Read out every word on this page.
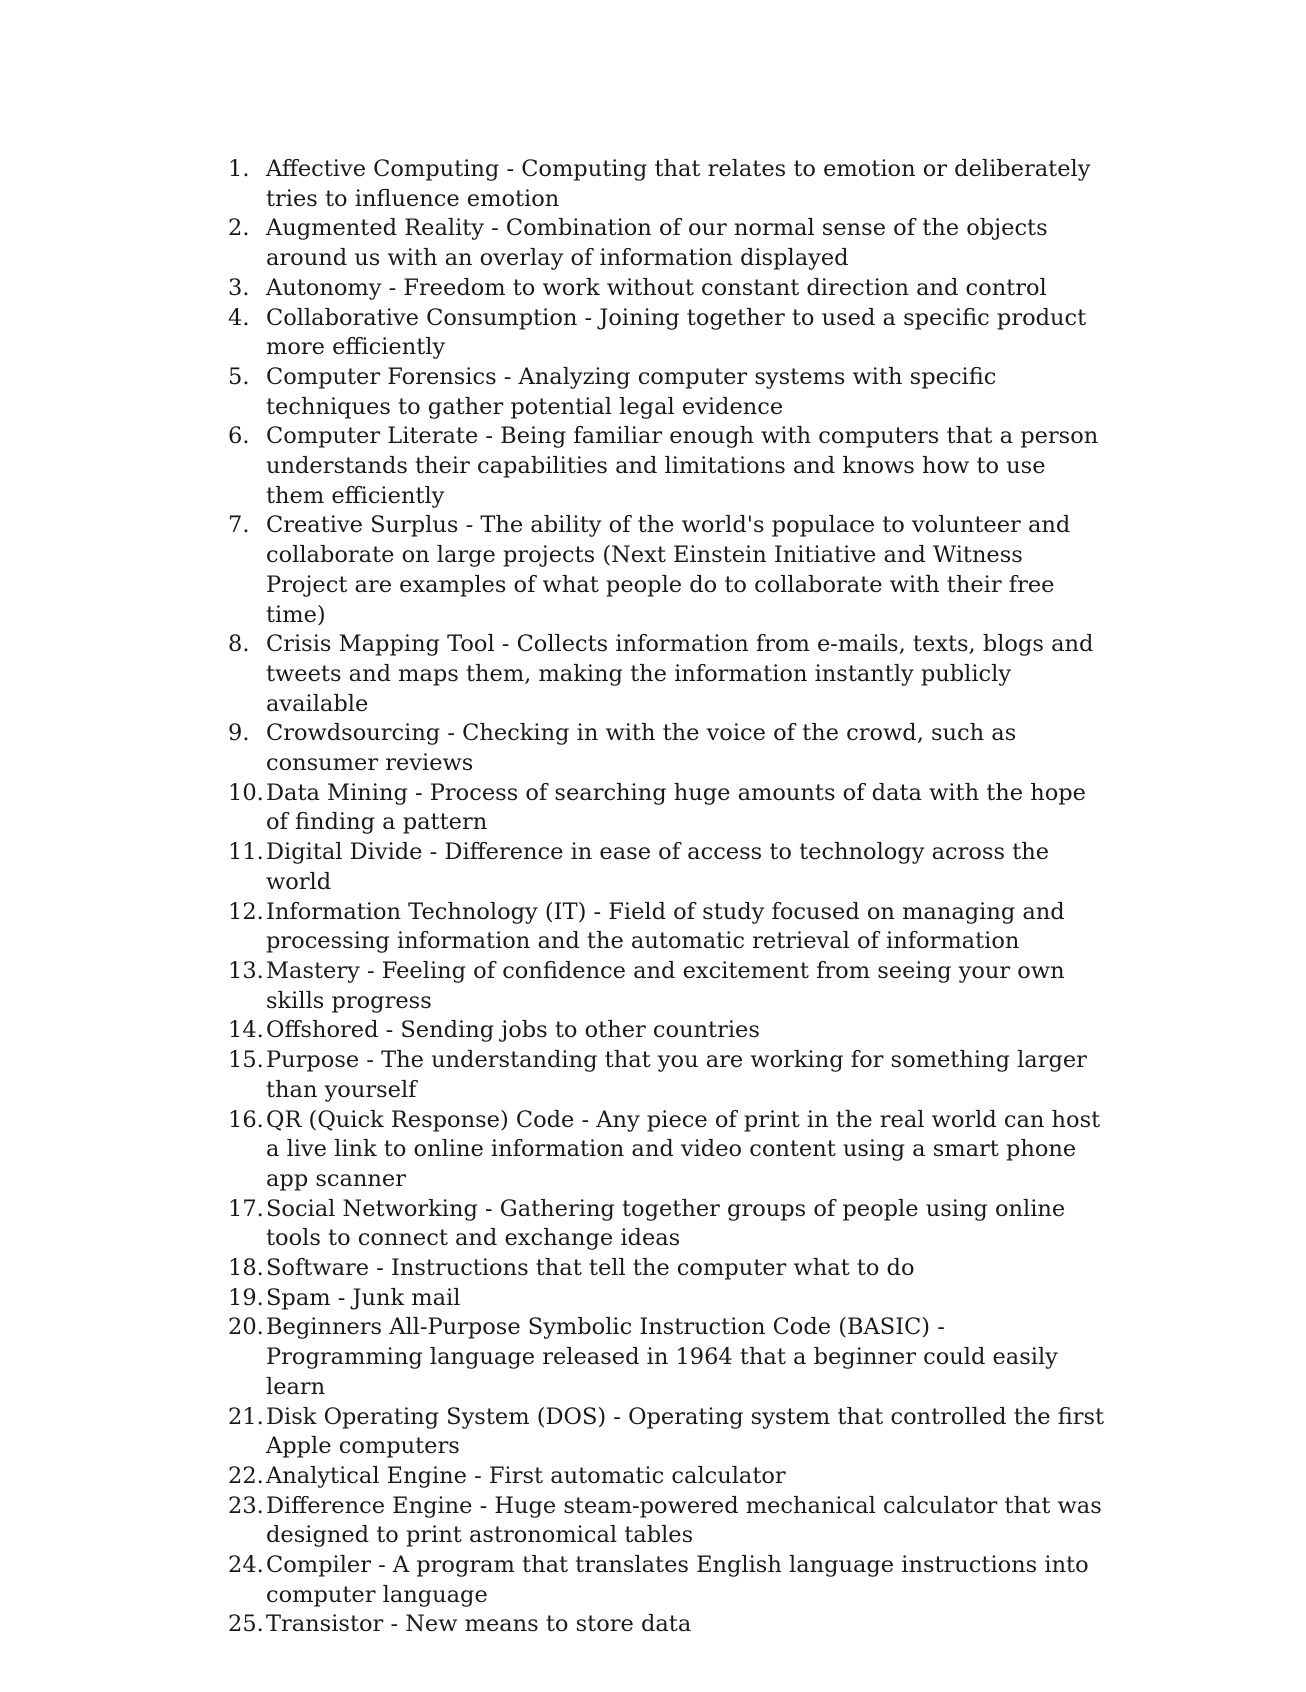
1. Affective Computing - Computing that relates to emotion or deliberately tries to influence emotion
2. Augmented Reality - Combination of our normal sense of the objects around us with an overlay of information displayed
3. Autonomy - Freedom to work without constant direction and control
4. Collaborative Consumption - Joining together to used a specific product more efficiently
5. Computer Forensics - Analyzing computer systems with specific techniques to gather potential legal evidence
6. Computer Literate - Being familiar enough with computers that a person understands their capabilities and limitations and knows how to use them efficiently
7. Creative Surplus - The ability of the world's populace to volunteer and collaborate on large projects (Next Einstein Initiative and Witness Project are examples of what people do to collaborate with their free time)
8. Crisis Mapping Tool - Collects information from e-mails, texts, blogs and tweets and maps them, making the information instantly publicly available
9. Crowdsourcing - Checking in with the voice of the crowd, such as consumer reviews
10. Data Mining - Process of searching huge amounts of data with the hope of finding a pattern
11. Digital Divide - Difference in ease of access to technology across the world
12. Information Technology (IT) - Field of study focused on managing and processing information and the automatic retrieval of information
13. Mastery - Feeling of confidence and excitement from seeing your own skills progress
14. Offshored - Sending jobs to other countries
15. Purpose - The understanding that you are working for something larger than yourself
16. QR (Quick Response) Code - Any piece of print in the real world can host a live link to online information and video content using a smart phone app scanner
17. Social Networking - Gathering together groups of people using online tools to connect and exchange ideas
18. Software - Instructions that tell the computer what to do
19. Spam - Junk mail
20. Beginners All-Purpose Symbolic Instruction Code (BASIC) - Programming language released in 1964 that a beginner could easily learn
21. Disk Operating System (DOS) - Operating system that controlled the first Apple computers
22. Analytical Engine - First automatic calculator
23. Difference Engine - Huge steam-powered mechanical calculator that was designed to print astronomical tables
24. Compiler - A program that translates English language instructions into computer language
25. Transistor - New means to store data
